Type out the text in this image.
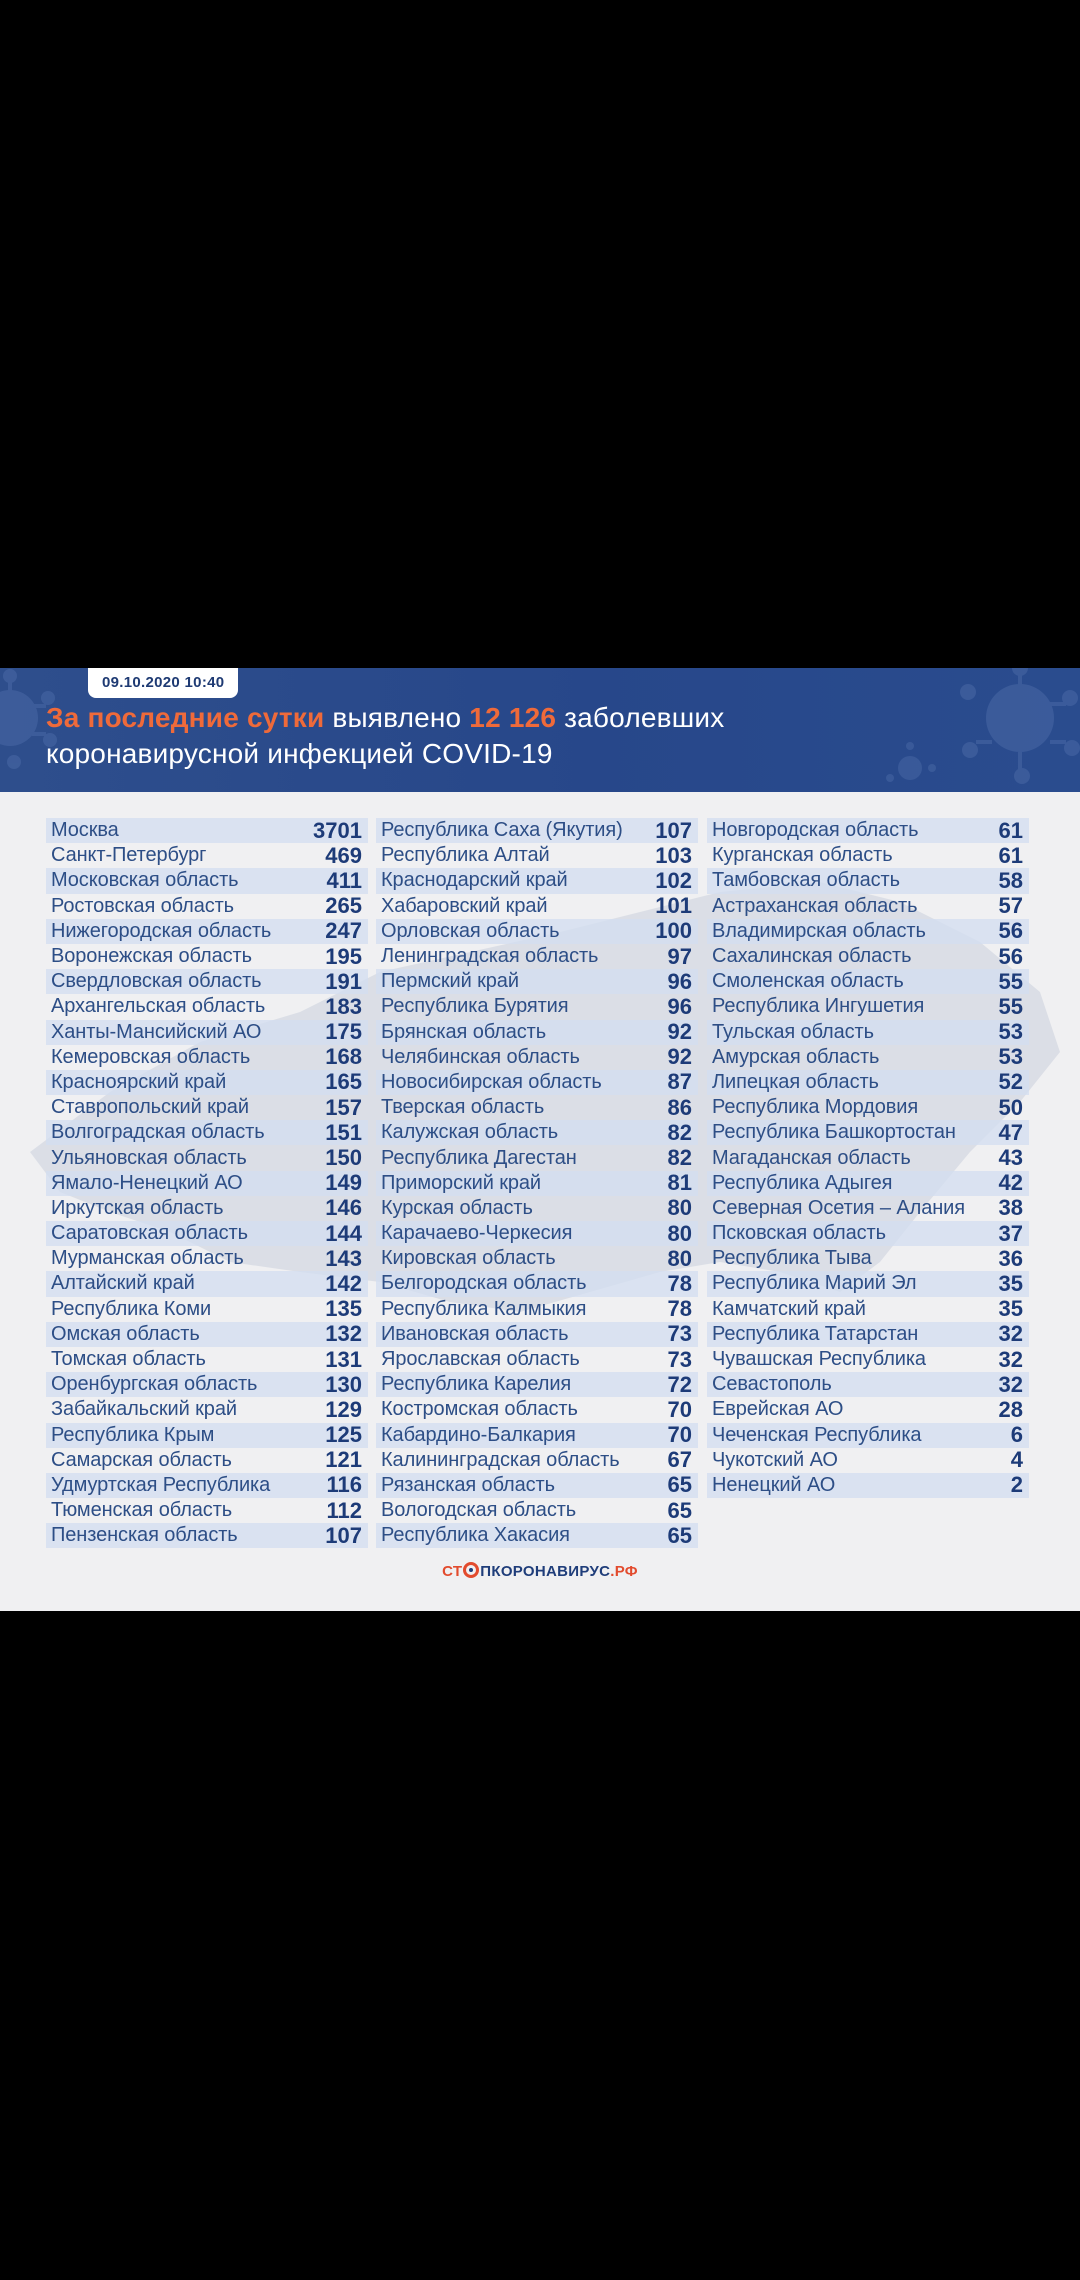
09.10.2020 10:40
За последние сутки выявлено 12 126 заболевших
коронавирусной инфекцией COVID-19
Москва	3701
Санкт-Петербург	469
Московская область	411
Ростовская область	265
Нижегородская область 247
Воронежская область	195
Свердловская область	191
Архангельская область	183
Ханты-Мансийский АО	175
Кемеровская область	168
Красноярский край	165
Ставропольский край	157
Волгоградская область	151
Ульяновская область	150
Ямало-Ненецкий АО	149
Иркутская область	146
Саратовская область	144
Мурманская область	143
Алтайский край	142
Республика Коми	135
Омская область	132
Томская область	131
Оренбургская область	130
Забайкальский край	129
Республика Крым	125
Самарская область	121
Удмуртская Республика	116
Тюменская область	112
Пензенская область	107
Республика Саха (Якутия) 107
Республика Алтай	103
Краснодарский край	102
Хабаровский край	101
Орловская область	100
Ленинградская область	97
Пермский край	96
Республика Бурятия	96
Брянская область	92
Челябинская область	92
Новосибирская область	87
Тверская область	86
Калужская область	82
Республика Дагестан	82
Приморский край	81
Курская область	80
Карачаево-Черкесия	80
Кировская область	80
Белгородская область	78
Республика Калмыкия	78
Ивановская область	73
Ярославская область	73
Республика Карелия	72
Костромская область	70
Кабардино-Балкария	70
Калининградская область 67
Рязанская область	65
Вологодская область	65
Республика Хакасия	65
Новгородская область	61
Курганская область	61
Тамбовская область	58
Астраханская область	57
Владимирская область	56
Сахалинская область	56
Смоленская область	55
Республика Ингушетия	55
Тульская область	53
Амурская область	53
Липецкая область	52
Республика Мордовия	50
Республика Башкортостан 47
Магаданская область	43
Республика Адыгея	42
Северная Осетия – Алания 38
Псковская область	37
Республика Тыва	36
Республика Марий Эл	35
Камчатский край	35
Республика Татарстан	32
Чувашская Республика	32
Севастополь	32
Еврейская АО	28
Чеченская Республика	6
Чукотский АО	4
Ненецкий АО	2
СТ ПКОРОНАВИРУС.РФ
